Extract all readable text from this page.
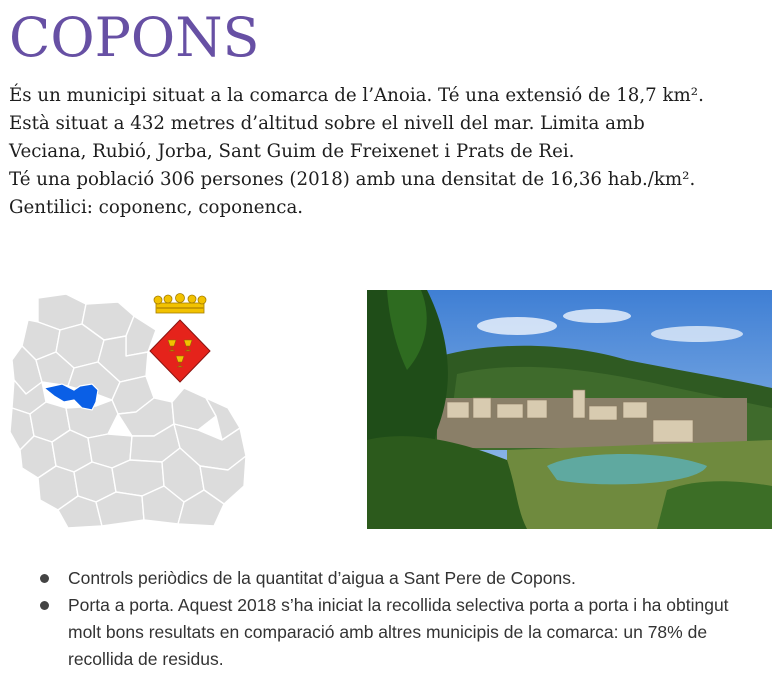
COPONS
És un municipi situat a la comarca de l’Anoia. Té una extensió de 18,7 km².
Està situat a 432 metres d’altitud sobre el nivell del mar. Limita amb
Veciana, Rubió, Jorba, Sant Guim de Freixenet i Prats de Rei.
Té una població 306 persones (2018) amb una densitat de 16,36 hab./km².
Gentilici: coponenc, coponenca.
Controls periòdics de la quantitat d’aigua a Sant Pere de Copons.
Porta a porta. Aquest 2018 s’ha iniciat la recollida selectiva porta a porta i ha obtingut molt bons resultats en comparació amb altres municipis de la comarca: un 78% de recollida de residus.
